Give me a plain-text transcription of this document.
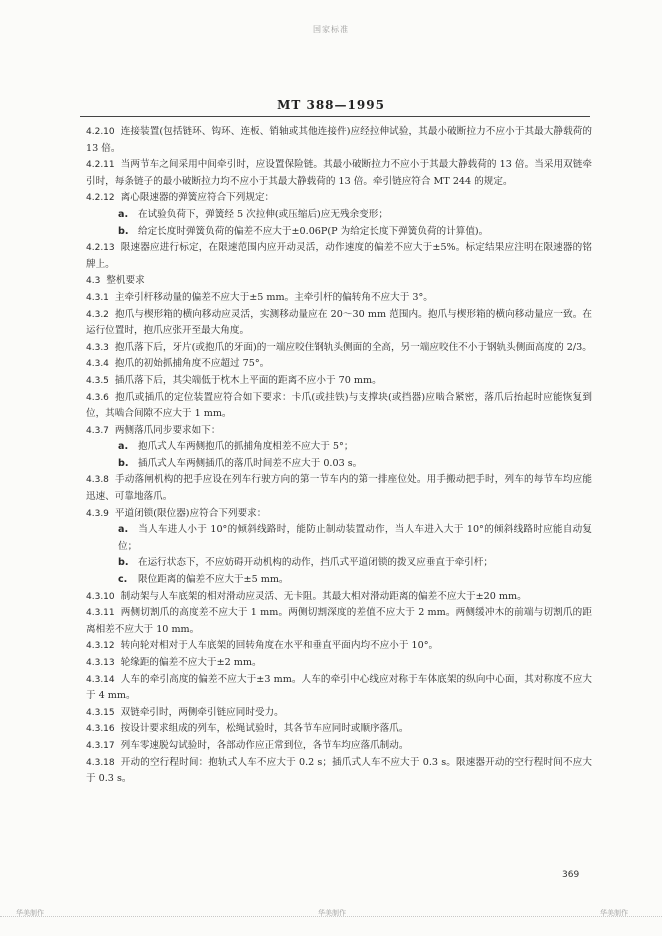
国家标准
MT 388—1995
4.2.10 连接装置(包括链环、钩环、连板、销轴或其他连接件)应经拉伸试验，其最小破断拉力不应小于其最大静载荷的 13 倍。
4.2.11 当两节车之间采用中间牵引时，应设置保险链。其最小破断拉力不应小于其最大静载荷的 13 倍。当采用双链牵引时，每条链子的最小破断拉力均不应小于其最大静载荷的 13 倍。牵引链应符合 MT 244 的规定。
4.2.12 离心限速器的弹簧应符合下列规定：
a. 在试验负荷下，弹簧经 5 次拉伸(或压缩后)应无残余变形；
b. 给定长度时弹簧负荷的偏差不应大于±0.06P(P 为给定长度下弹簧负荷的计算值)。
4.2.13 限速器应进行标定，在限速范围内应开动灵活，动作速度的偏差不应大于±5%。标定结果应注明在限速器的铭牌上。
4.3 整机要求
4.3.1 主牵引杆移动量的偏差不应大于±5 mm。主牵引杆的偏转角不应大于 3°。
4.3.2 抱爪与楔形箱的横向移动应灵活，实测移动量应在 20～30 mm 范围内。抱爪与楔形箱的横向移动量应一致。在运行位置时，抱爪应张开至最大角度。
4.3.3 抱爪落下后，牙片(或抱爪的牙面)的一端应咬住钢轨头侧面的全高，另一端应咬住不小于钢轨头侧面高度的 2/3。
4.3.4 抱爪的初始抓捕角度不应超过 75°。
4.3.5 插爪落下后，其尖端低于枕木上平面的距离不应小于 70 mm。
4.3.6 抱爪或插爪的定位装置应符合如下要求：卡爪(或挂铁)与支撑块(或挡器)应啮合紧密，落爪后抬起时应能恢复到位，其啮合间隙不应大于 1 mm。
4.3.7 两侧落爪同步要求如下：
a. 抱爪式人车两侧抱爪的抓捕角度相差不应大于 5°；
b. 插爪式人车两侧插爪的落爪时间差不应大于 0.03 s。
4.3.8 手动落闸机构的把手应设在列车行驶方向的第一节车内的第一排座位处。用手搬动把手时，列车的每节车均应能迅速、可靠地落爪。
4.3.9 平道闭锁(限位器)应符合下列要求：
a. 当人车进人小于 10°的倾斜线路时，能防止制动装置动作，当人车进入大于 10°的倾斜线路时应能自动复位；
b. 在运行状态下，不应妨碍开动机构的动作，挡爪式平道闭锁的拨叉应垂直于牵引杆；
c. 限位距离的偏差不应大于±5 mm。
4.3.10 制动架与人车底架的相对滑动应灵活、无卡阻。其最大相对滑动距离的偏差不应大于±20 mm。
4.3.11 两侧切割爪的高度差不应大于 1 mm。两侧切割深度的差值不应大于 2 mm。两侧缓冲木的前端与切割爪的距离相差不应大于 10 mm。
4.3.12 转向轮对相对于人车底架的回转角度在水平和垂直平面内均不应小于 10°。
4.3.13 轮缘距的偏差不应大于±2 mm。
4.3.14 人车的牵引高度的偏差不应大于±3 mm。人车的牵引中心线应对称于车体底架的纵向中心面，其对称度不应大于 4 mm。
4.3.15 双链牵引时，两侧牵引链应同时受力。
4.3.16 按设计要求组成的列车，松绳试验时，其各节车应同时或顺序落爪。
4.3.17 列车零速脱勾试验时，各部动作应正常到位，各节车均应落爪制动。
4.3.18 开动的空行程时间：抱轨式人车不应大于 0.2 s；插爪式人车不应大于 0.3 s。限速器开动的空行程时间不应大于 0.3 s。
369
华美制作	华美制作	华美制作
